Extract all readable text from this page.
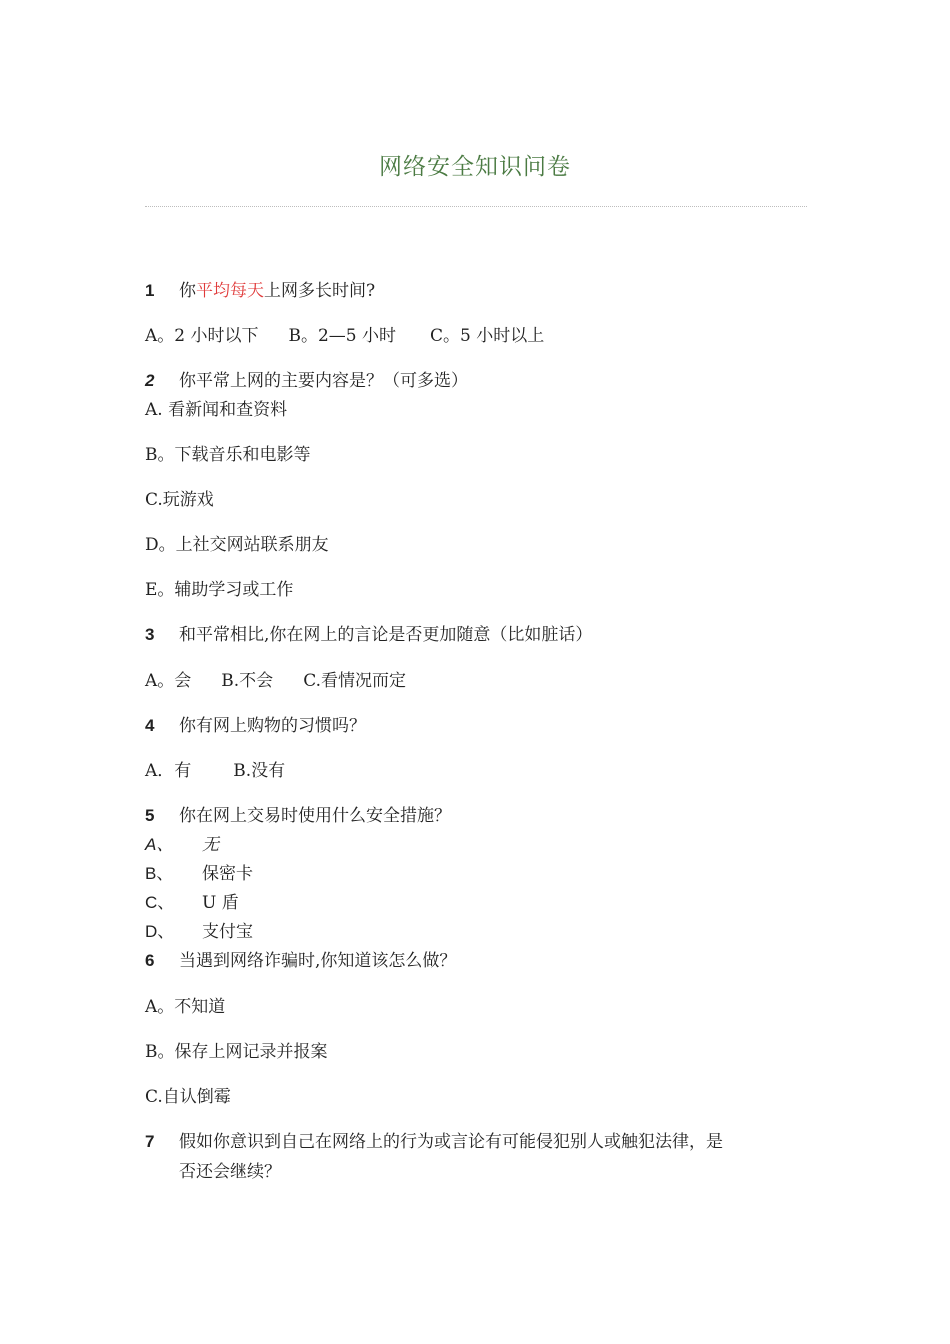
网络安全知识问卷
1 你平均每天上网多长时间?
A。2 小时以下 B。2—5 小时 C。5 小时以上
2 你平常上网的主要内容是？（可多选）
A. 看新闻和查资料
B。下载音乐和电影等
C.玩游戏
D。上社交网站联系朋友
E。辅助学习或工作
3 和平常相比,你在网上的言论是否更加随意（比如脏话）
A。会 B.不会 C.看情况而定
4 你有网上购物的习惯吗？
A．有 B.没有
5 你在网上交易时使用什么安全措施？
A、 无
B、 保密卡
C、 U 盾
D、 支付宝
6 当遇到网络诈骗时,你知道该怎么做？
A。不知道
B。保存上网记录并报案
C.自认倒霉
7 假如你意识到自己在网络上的行为或言论有可能侵犯别人或触犯法律，是
否还会继续？
